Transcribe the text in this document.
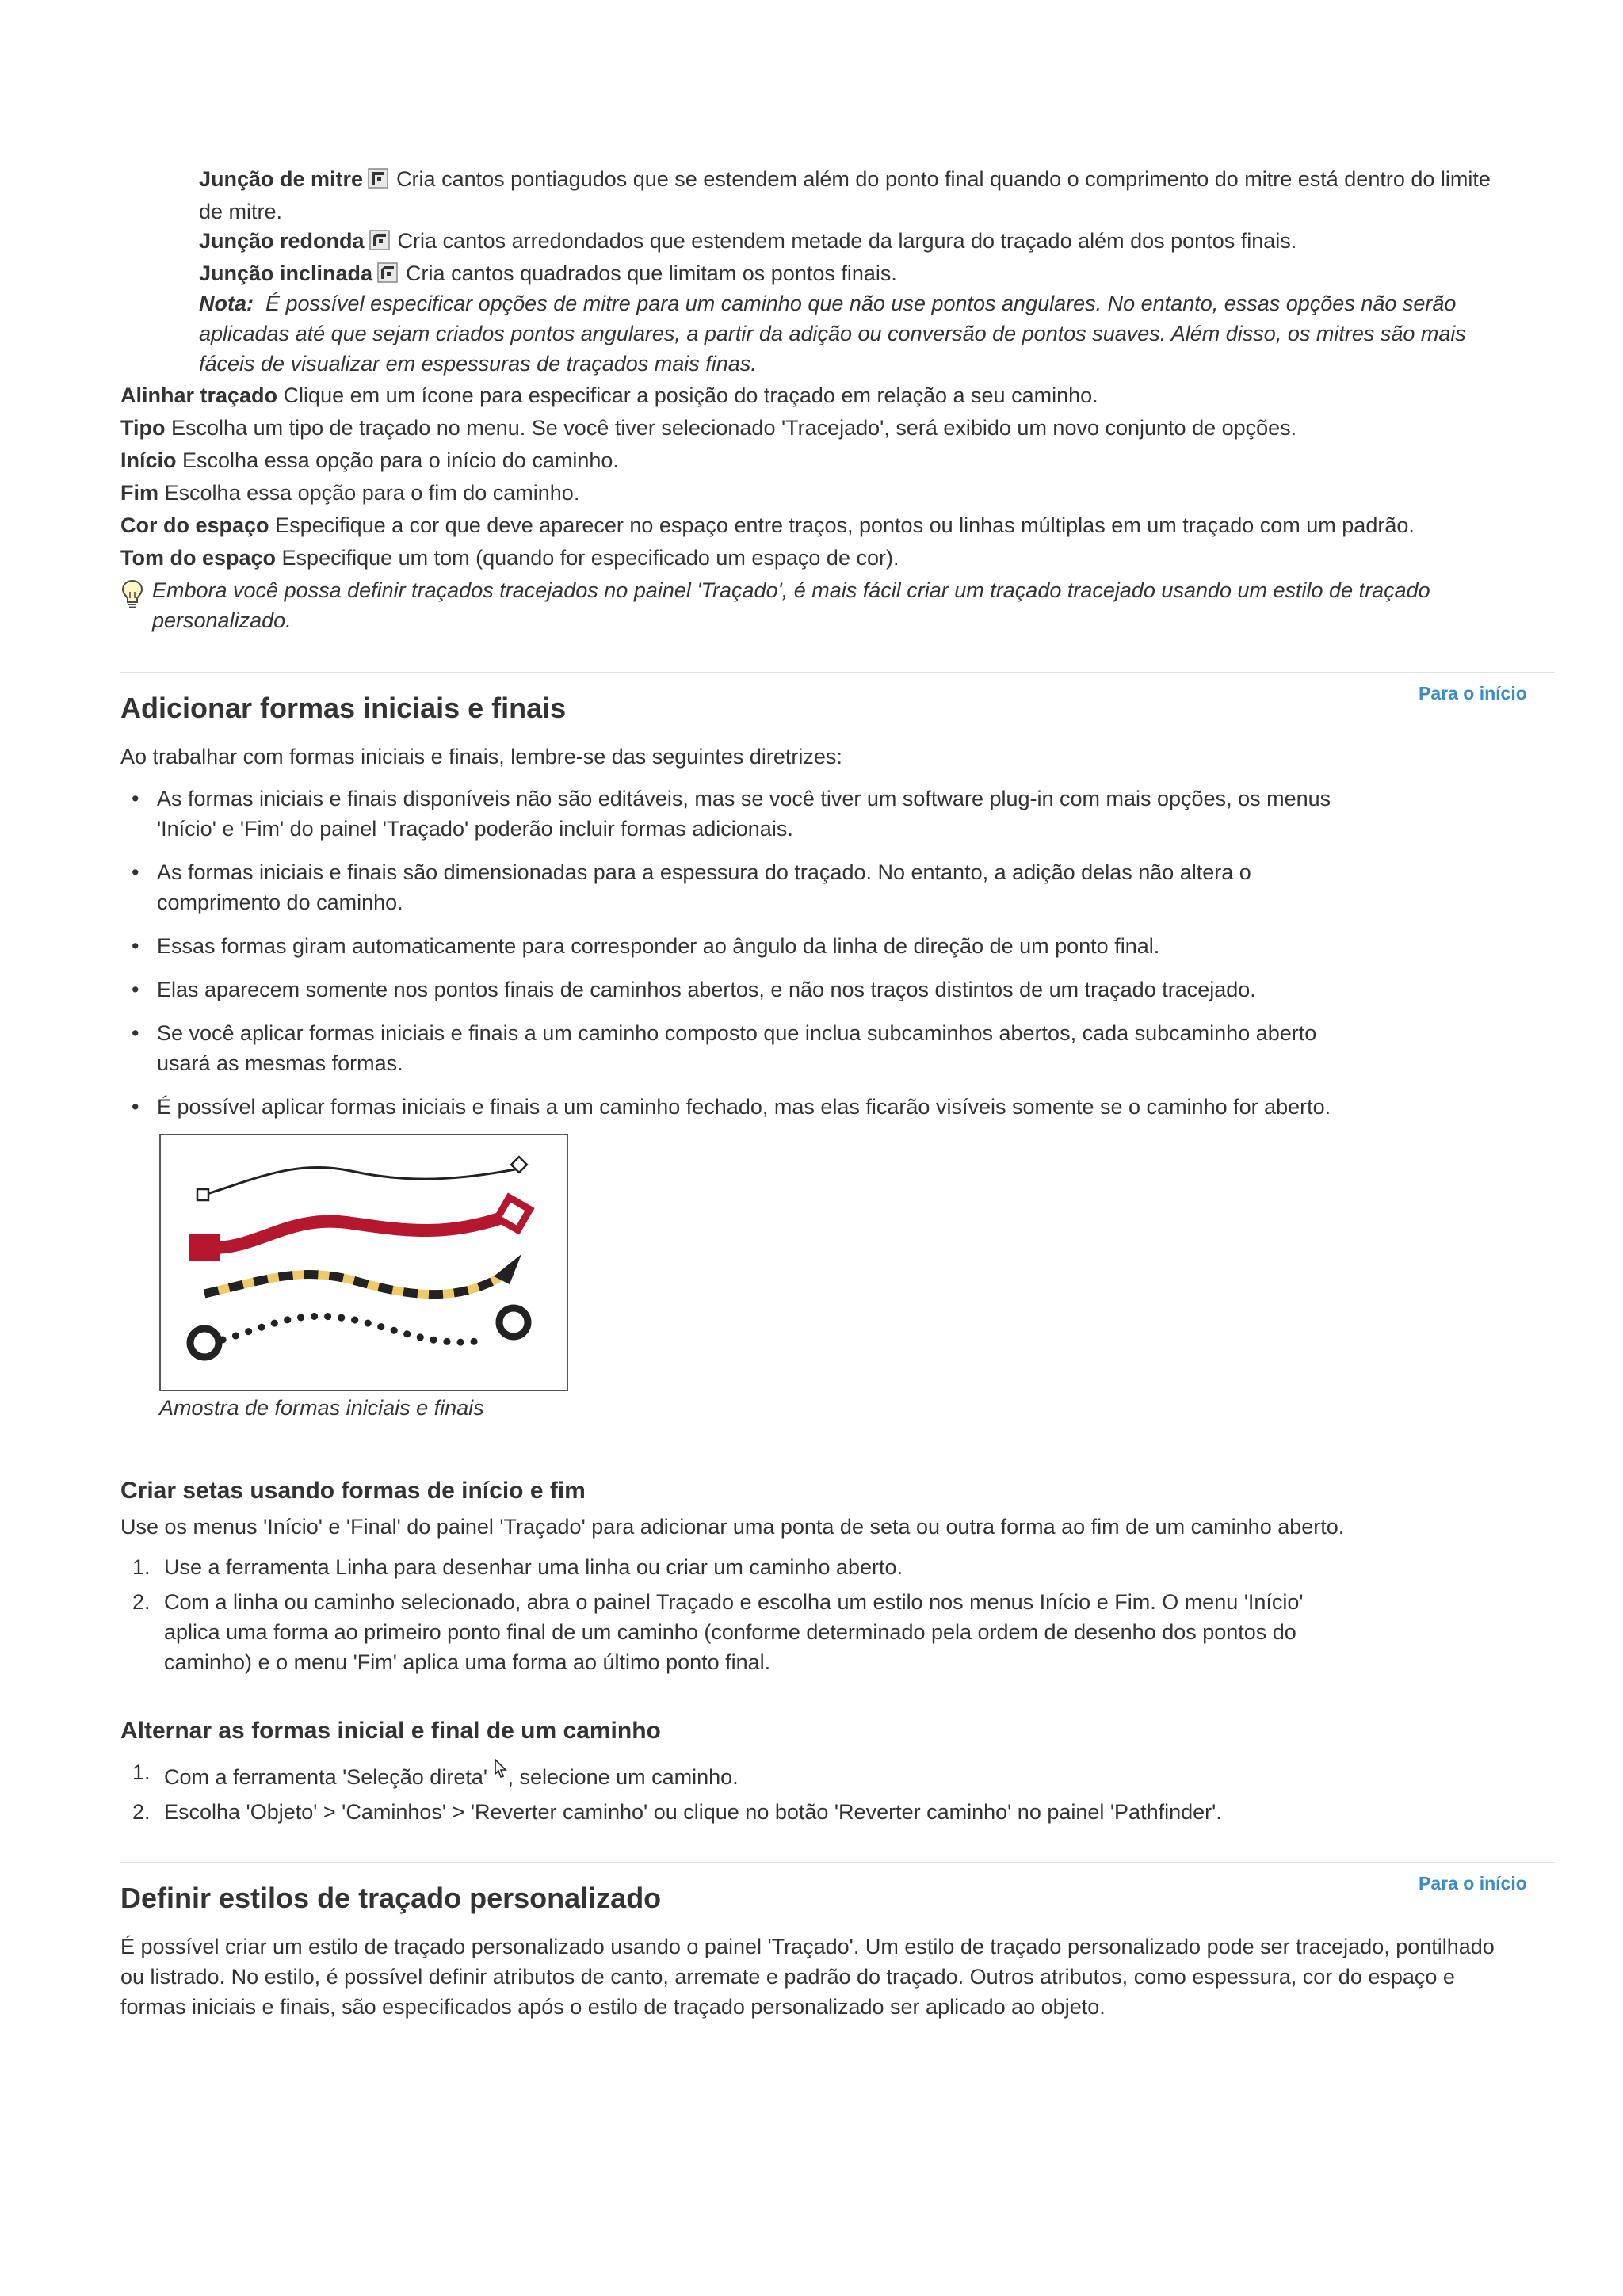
Junção de mitre Cria cantos pontiagudos que se estendem além do ponto final quando o comprimento do mitre está dentro do limite
de mitre.
Junção redonda Cria cantos arredondados que estendem metade da largura do traçado além dos pontos finais.
Junção inclinada Cria cantos quadrados que limitam os pontos finais.
Nota: É possível especificar opções de mitre para um caminho que não use pontos angulares. No entanto, essas opções não serão
aplicadas até que sejam criados pontos angulares, a partir da adição ou conversão de pontos suaves. Além disso, os mitres são mais
fáceis de visualizar em espessuras de traçados mais finas.
Alinhar traçado Clique em um ícone para especificar a posição do traçado em relação a seu caminho.
Tipo Escolha um tipo de traçado no menu. Se você tiver selecionado 'Tracejado', será exibido um novo conjunto de opções.
Início Escolha essa opção para o início do caminho.
Fim Escolha essa opção para o fim do caminho.
Cor do espaço Especifique a cor que deve aparecer no espaço entre traços, pontos ou linhas múltiplas em um traçado com um padrão.
Tom do espaço Especifique um tom (quando for especificado um espaço de cor).
Embora você possa definir traçados tracejados no painel 'Traçado', é mais fácil criar um traçado tracejado usando um estilo de traçado
personalizado.
Para o início
Adicionar formas iniciais e finais
Ao trabalhar com formas iniciais e finais, lembre-se das seguintes diretrizes:
• As formas iniciais e finais disponíveis não são editáveis, mas se você tiver um software plug-in com mais opções, os menus
'Início' e 'Fim' do painel 'Traçado' poderão incluir formas adicionais.
• As formas iniciais e finais são dimensionadas para a espessura do traçado. No entanto, a adição delas não altera o
comprimento do caminho.
• Essas formas giram automaticamente para corresponder ao ângulo da linha de direção de um ponto final.
• Elas aparecem somente nos pontos finais de caminhos abertos, e não nos traços distintos de um traçado tracejado.
• Se você aplicar formas iniciais e finais a um caminho composto que inclua subcaminhos abertos, cada subcaminho aberto
usará as mesmas formas.
• É possível aplicar formas iniciais e finais a um caminho fechado, mas elas ficarão visíveis somente se o caminho for aberto.
Amostra de formas iniciais e finais
Criar setas usando formas de início e fim
Use os menus 'Início' e 'Final' do painel 'Traçado' para adicionar uma ponta de seta ou outra forma ao fim de um caminho aberto.
1. Use a ferramenta Linha para desenhar uma linha ou criar um caminho aberto.
2. Com a linha ou caminho selecionado, abra o painel Traçado e escolha um estilo nos menus Início e Fim. O menu 'Início'
aplica uma forma ao primeiro ponto final de um caminho (conforme determinado pela ordem de desenho dos pontos do
caminho) e o menu 'Fim' aplica uma forma ao último ponto final.
Alternar as formas inicial e final de um caminho
1. Com a ferramenta 'Seleção direta' , selecione um caminho.
2. Escolha 'Objeto' > 'Caminhos' > 'Reverter caminho' ou clique no botão 'Reverter caminho' no painel 'Pathfinder'.
Para o início
Definir estilos de traçado personalizado
É possível criar um estilo de traçado personalizado usando o painel 'Traçado'. Um estilo de traçado personalizado pode ser tracejado, pontilhado
ou listrado. No estilo, é possível definir atributos de canto, arremate e padrão do traçado. Outros atributos, como espessura, cor do espaço e
formas iniciais e finais, são especificados após o estilo de traçado personalizado ser aplicado ao objeto.
